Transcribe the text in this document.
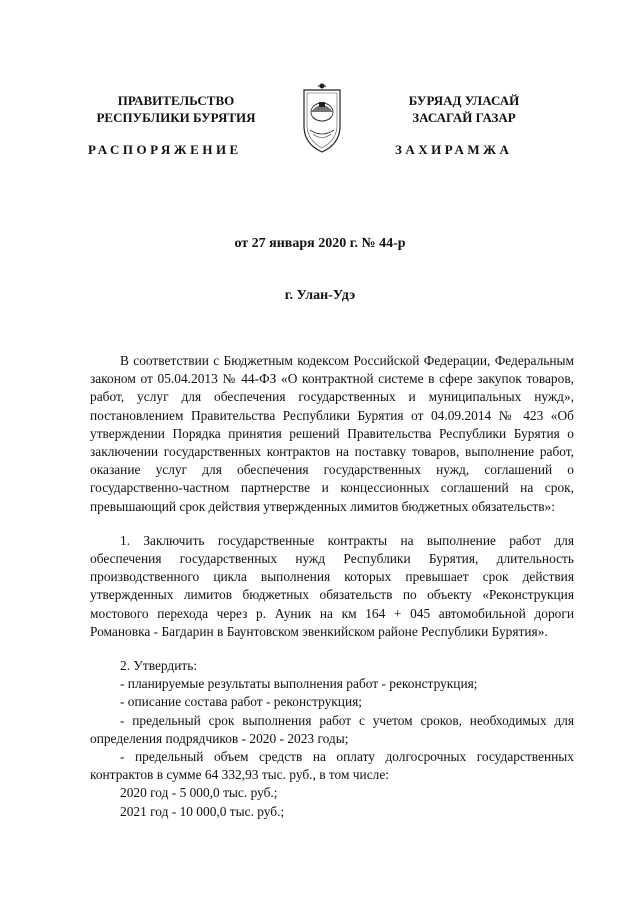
ПРАВИТЕЛЬСТВО
РЕСПУБЛИКИ БУРЯТИЯ
РАСПОРЯЖЕНИЕ
БУРЯАД УЛАСАЙ
ЗАСАГАЙ ГАЗАР
ЗАХИРАМЖА
от 27 января 2020 г. № 44-р
г. Улан-Удэ

В соответствии с Бюджетным кодексом Российской Федерации, Федеральным законом от 05.04.2013 № 44-ФЗ «О контрактной системе в сфере закупок товаров, работ, услуг для обеспечения государственных и муниципальных нужд», постановлением Правительства Республики Бурятия от 04.09.2014 № 423 «Об утверждении Порядка принятия решений Правительства Республики Бурятия о заключении государственных контрактов на поставку товаров, выполнение работ, оказание услуг для обеспечения государственных нужд, соглашений о государственно-частном партнерстве и концессионных соглашений на срок, превышающий срок действия утвержденных лимитов бюджетных обязательств»:

1. Заключить государственные контракты на выполнение работ для обеспечения государственных нужд Республики Бурятия, длительность производственного цикла выполнения которых превышает срок действия утвержденных лимитов бюджетных обязательств по объекту «Реконструкция мостового перехода через р. Ауник на км 164 + 045 автомобильной дороги Романовка - Багдарин в Баунтовском эвенкийском районе Республики Бурятия».

2. Утвердить:

- планируемые результаты выполнения работ - реконструкция;

- описание состава работ - реконструкция;

- предельный срок выполнения работ с учетом сроков, необходимых для определения подрядчиков - 2020 - 2023 годы;

- предельный объем средств на оплату долгосрочных государственных контрактов в сумме 64 332,93 тыс. руб., в том числе:

2020 год - 5 000,0 тыс. руб.;

2021 год - 10 000,0 тыс. руб.;
